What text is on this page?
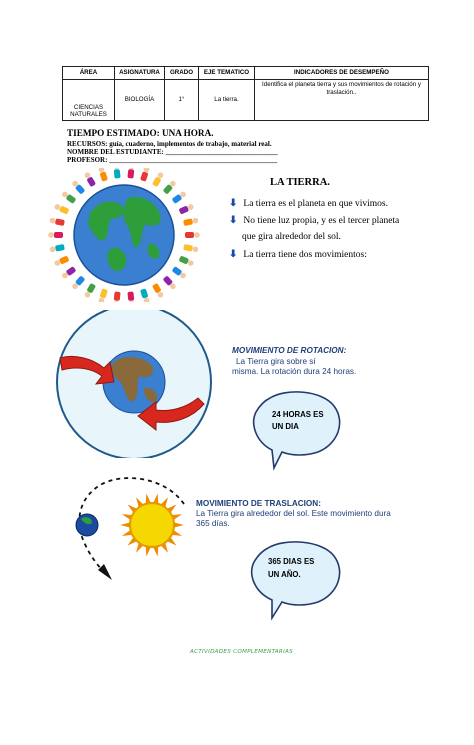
ÁREA	ASIGNATURA	GRADO	EJE TEMATICO	INDICADORES DE DESEMPEÑO
CIENCIAS NATURALES	BIOLOGÍA	1°	La tierra.	Identifica el planeta tierra y sus movimientos de rotación y traslación..
TIEMPO ESTIMADO: UNA HORA.
RECURSOS: guía, cuaderno, implementos de trabajo, material real.
NOMBRE DEL ESTUDIANTE: ________________________________
PROFESOR: ________________________________________________
LA TIERRA.
⬇ La tierra es el planeta en que vivimos.
⬇ No tiene luz propia, y es el tercer planeta
que gira alrededor del sol.
⬇ La tierra tiene dos movimientos:
MOVIMIENTO DE ROTACION:
La Tierra gira sobre sí
misma. La rotación dura 24 horas.
24 HORAS ES
UN DIA
MOVIMIENTO DE TRASLACION:
La Tierra gira alrededor del sol. Este movimiento dura
365 días.
365 DIAS ES
UN AÑO.
ACTIVIDADES COMPLEMENTARIAS
